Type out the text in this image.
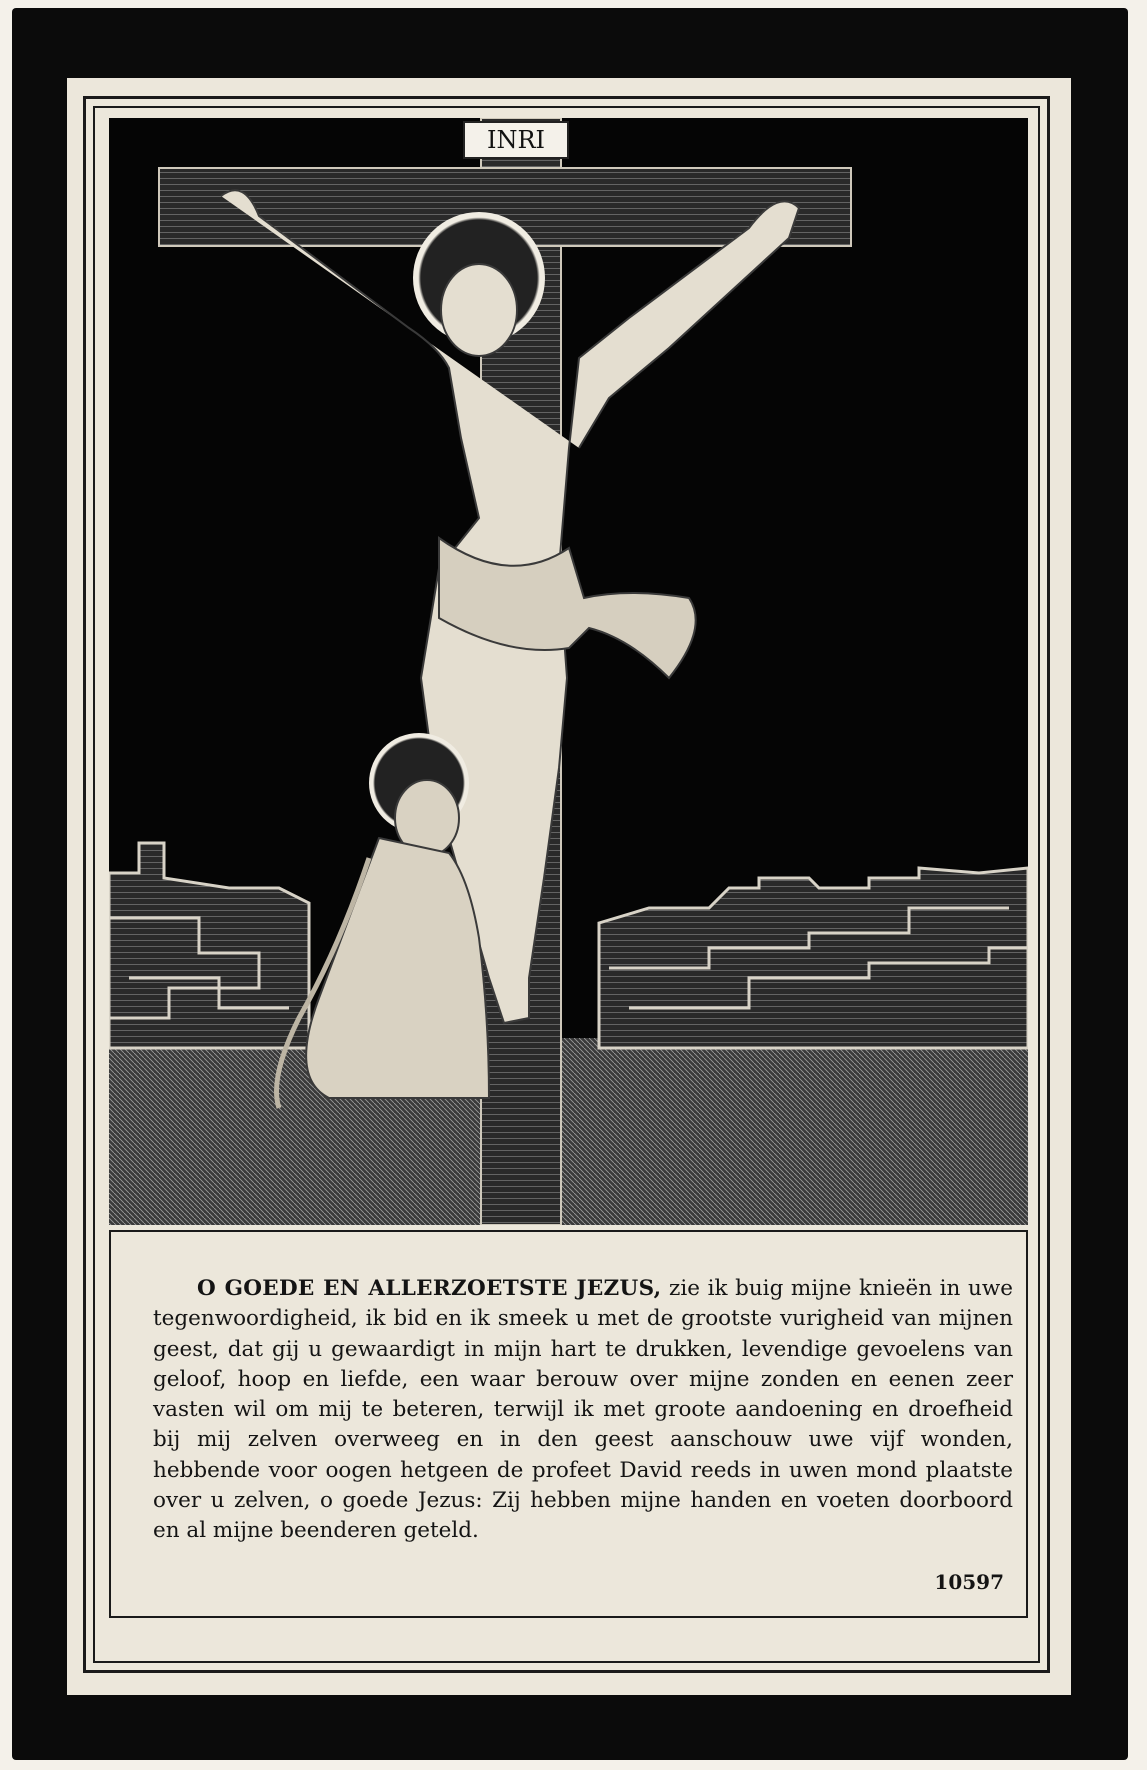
INRI

O GOEDE EN ALLERZOETSTE JEZUS, zie ik buig mijne knieën in uwe tegenwoordigheid, ik bid en ik smeek u met de grootste vurigheid van mijnen geest, dat gij u gewaardigt in mijn hart te drukken, levendige gevoelens van geloof, hoop en liefde, een waar berouw over mijne zonden en eenen zeer vasten wil om mij te beteren, terwijl ik met groote aandoening en droefheid bij mij zelven overweeg en in den geest aanschouw uwe vijf wonden, hebbende voor oogen hetgeen de profeet David reeds in uwen mond plaatste over u zelven, o goede Jezus: Zij hebben mijne handen en voeten doorboord en al mijne beenderen geteld.

10597
